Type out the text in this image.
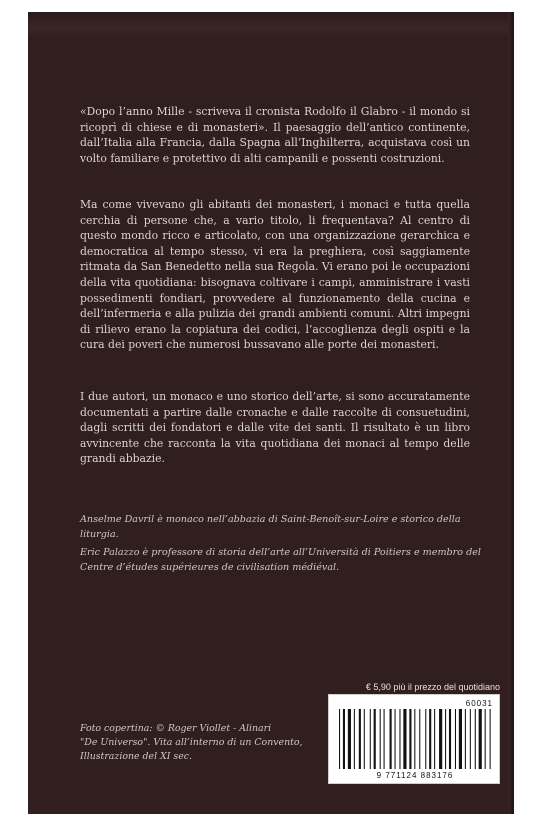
«Dopo l’anno Mille - scriveva il cronista Rodolfo il Glabro - il mondo si ricoprì di chiese e di monasteri». Il paesaggio dell’antico continente, dall’Italia alla Francia, dalla Spagna all’Inghilterra, acquistava così un volto familiare e protettivo di alti campanili e possenti costruzioni.

Ma come vivevano gli abitanti dei monasteri, i monaci e tutta quella cerchia di persone che, a vario titolo, li frequentava? Al centro di questo mondo ricco e articolato, con una organizzazione gerarchica e democratica al tempo stesso, vi era la preghiera, così saggiamente ritmata da San Benedetto nella sua Regola. Vi erano poi le occupazioni della vita quotidiana: bisognava coltivare i campi, amministrare i vasti possedimenti fondiari, provvedere al funzionamento della cucina e dell’infermeria e alla pulizia dei grandi ambienti comuni. Altri impegni di rilievo erano la copiatura dei codici, l’accoglienza degli ospiti e la cura dei poveri che numerosi bussavano alle porte dei monasteri.

I due autori, un monaco e uno storico dell’arte, si sono accuratamente documentati a partire dalle cronache e dalle raccolte di consuetudini, dagli scritti dei fondatori e dalle vite dei santi. Il risultato è un libro avvincente che racconta la vita quotidiana dei monaci al tempo delle grandi abbazie.

Anselme Davril è monaco nell’abbazia di Saint-Benoît-sur-Loire e storico della liturgia.

Eric Palazzo è professore di storia dell’arte all’Università di Poitiers e membro del Centre d’études supérieures de civilisation médiéval.

€ 5,90 più il prezzo del quotidiano
60031
9 771124 883176
Foto copertina: © Roger Viollet - Alinari
"De Universo". Vita all’interno di un Convento,
Illustrazione del XI sec.
